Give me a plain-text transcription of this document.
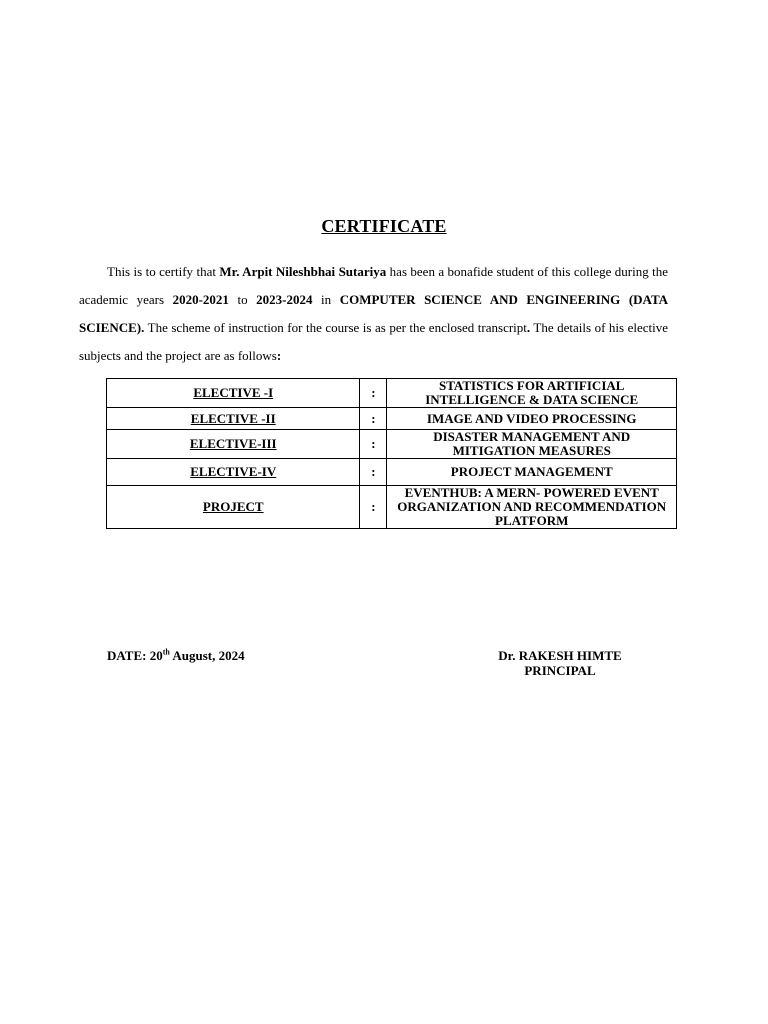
CERTIFICATE
This is to certify that Mr. Arpit Nileshbhai Sutariya has been a bonafide student of this college during the academic years 2020-2021 to 2023-2024 in COMPUTER SCIENCE AND ENGINEERING (DATA SCIENCE). The scheme of instruction for the course is as per the enclosed transcript. The details of his elective subjects and the project are as follows:
ELECTIVE -I	:	STATISTICS FOR ARTIFICIAL INTELLIGENCE & DATA SCIENCE
ELECTIVE -II	:	IMAGE AND VIDEO PROCESSING
ELECTIVE-III	:	DISASTER MANAGEMENT AND MITIGATION MEASURES
ELECTIVE-IV	:	PROJECT MANAGEMENT
PROJECT	:	EVENTHUB: A MERN- POWERED EVENT ORGANIZATION AND RECOMMENDATION PLATFORM
DATE: 20th August, 2024	Dr. RAKESH HIMTE
PRINCIPAL
